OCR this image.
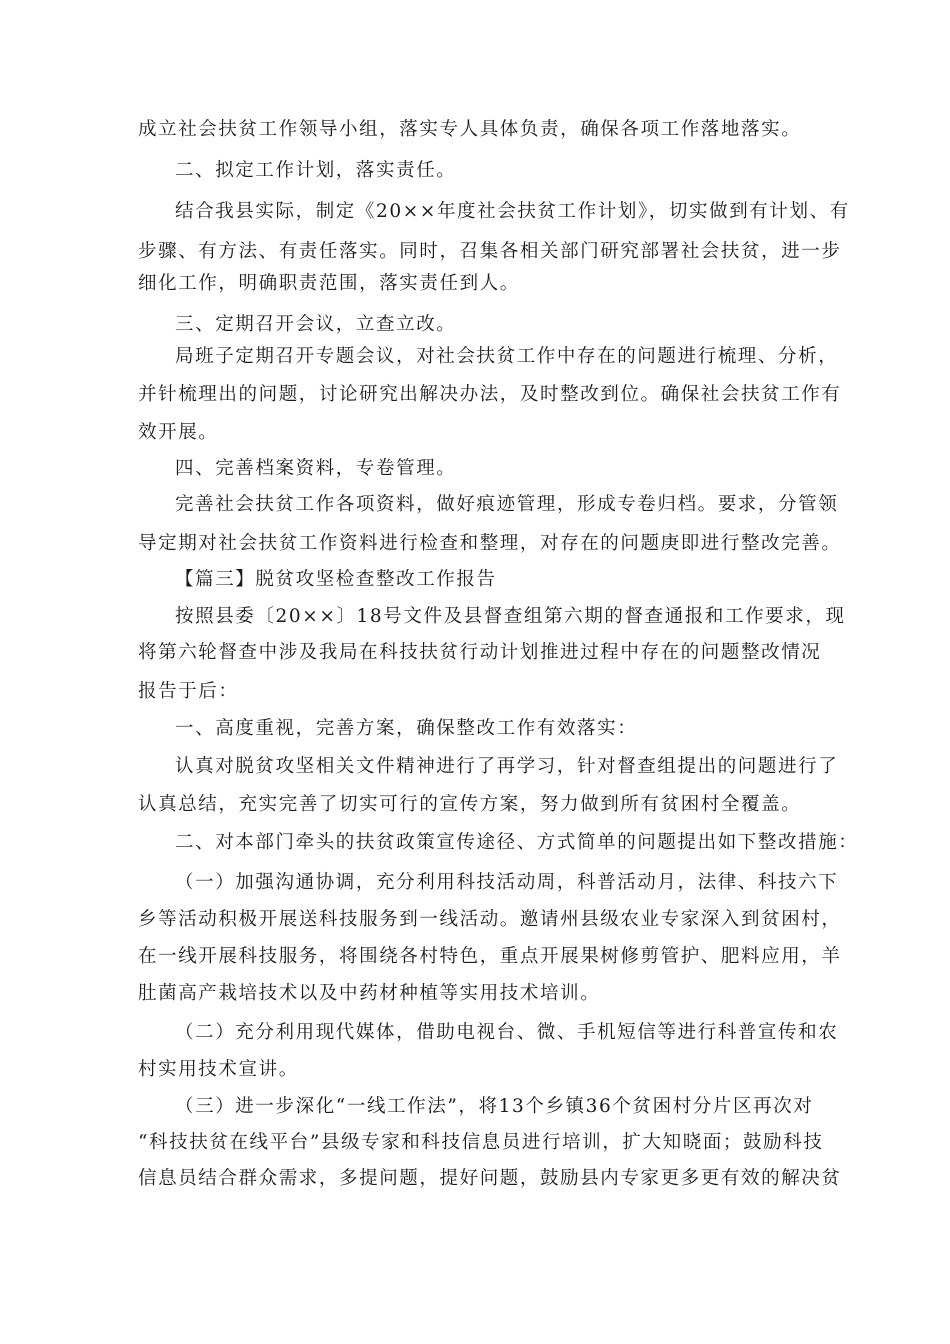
成立社会扶贫工作领导小组，落实专人具体负责，确保各项工作落地落实。
二、拟定工作计划，落实责任。
结合我县实际，制定《20××年度社会扶贫工作计划》，切实做到有计划、有
步骤、有方法、有责任落实。同时，召集各相关部门研究部署社会扶贫，进一步
细化工作，明确职责范围，落实责任到人。
三、定期召开会议，立查立改。
局班子定期召开专题会议，对社会扶贫工作中存在的问题进行梳理、分析，
并针梳理出的问题，讨论研究出解决办法，及时整改到位。确保社会扶贫工作有
效开展。
四、完善档案资料，专卷管理。
完善社会扶贫工作各项资料，做好痕迹管理，形成专卷归档。要求，分管领
导定期对社会扶贫工作资料进行检查和整理，对存在的问题庚即进行整改完善。
【篇三】脱贫攻坚检查整改工作报告
按照县委〔20××〕18号文件及县督查组第六期的督查通报和工作要求，现
将第六轮督查中涉及我局在科技扶贫行动计划推进过程中存在的问题整改情况
报告于后：
一、高度重视，完善方案，确保整改工作有效落实：
认真对脱贫攻坚相关文件精神进行了再学习，针对督查组提出的问题进行了
认真总结，充实完善了切实可行的宣传方案，努力做到所有贫困村全覆盖。
二、对本部门牵头的扶贫政策宣传途径、方式简单的问题提出如下整改措施：
（一）加强沟通协调，充分利用科技活动周，科普活动月，法律、科技六下
乡等活动积极开展送科技服务到一线活动。邀请州县级农业专家深入到贫困村，
在一线开展科技服务，将围绕各村特色，重点开展果树修剪管护、肥料应用，羊
肚菌高产栽培技术以及中药材种植等实用技术培训。
（二）充分利用现代媒体，借助电视台、微、手机短信等进行科普宣传和农
村实用技术宣讲。
（三）进一步深化“一线工作法”，将13个乡镇36个贫困村分片区再次对
“科技扶贫在线平台”县级专家和科技信息员进行培训，扩大知晓面；鼓励科技
信息员结合群众需求，多提问题，提好问题，鼓励县内专家更多更有效的解决贫
